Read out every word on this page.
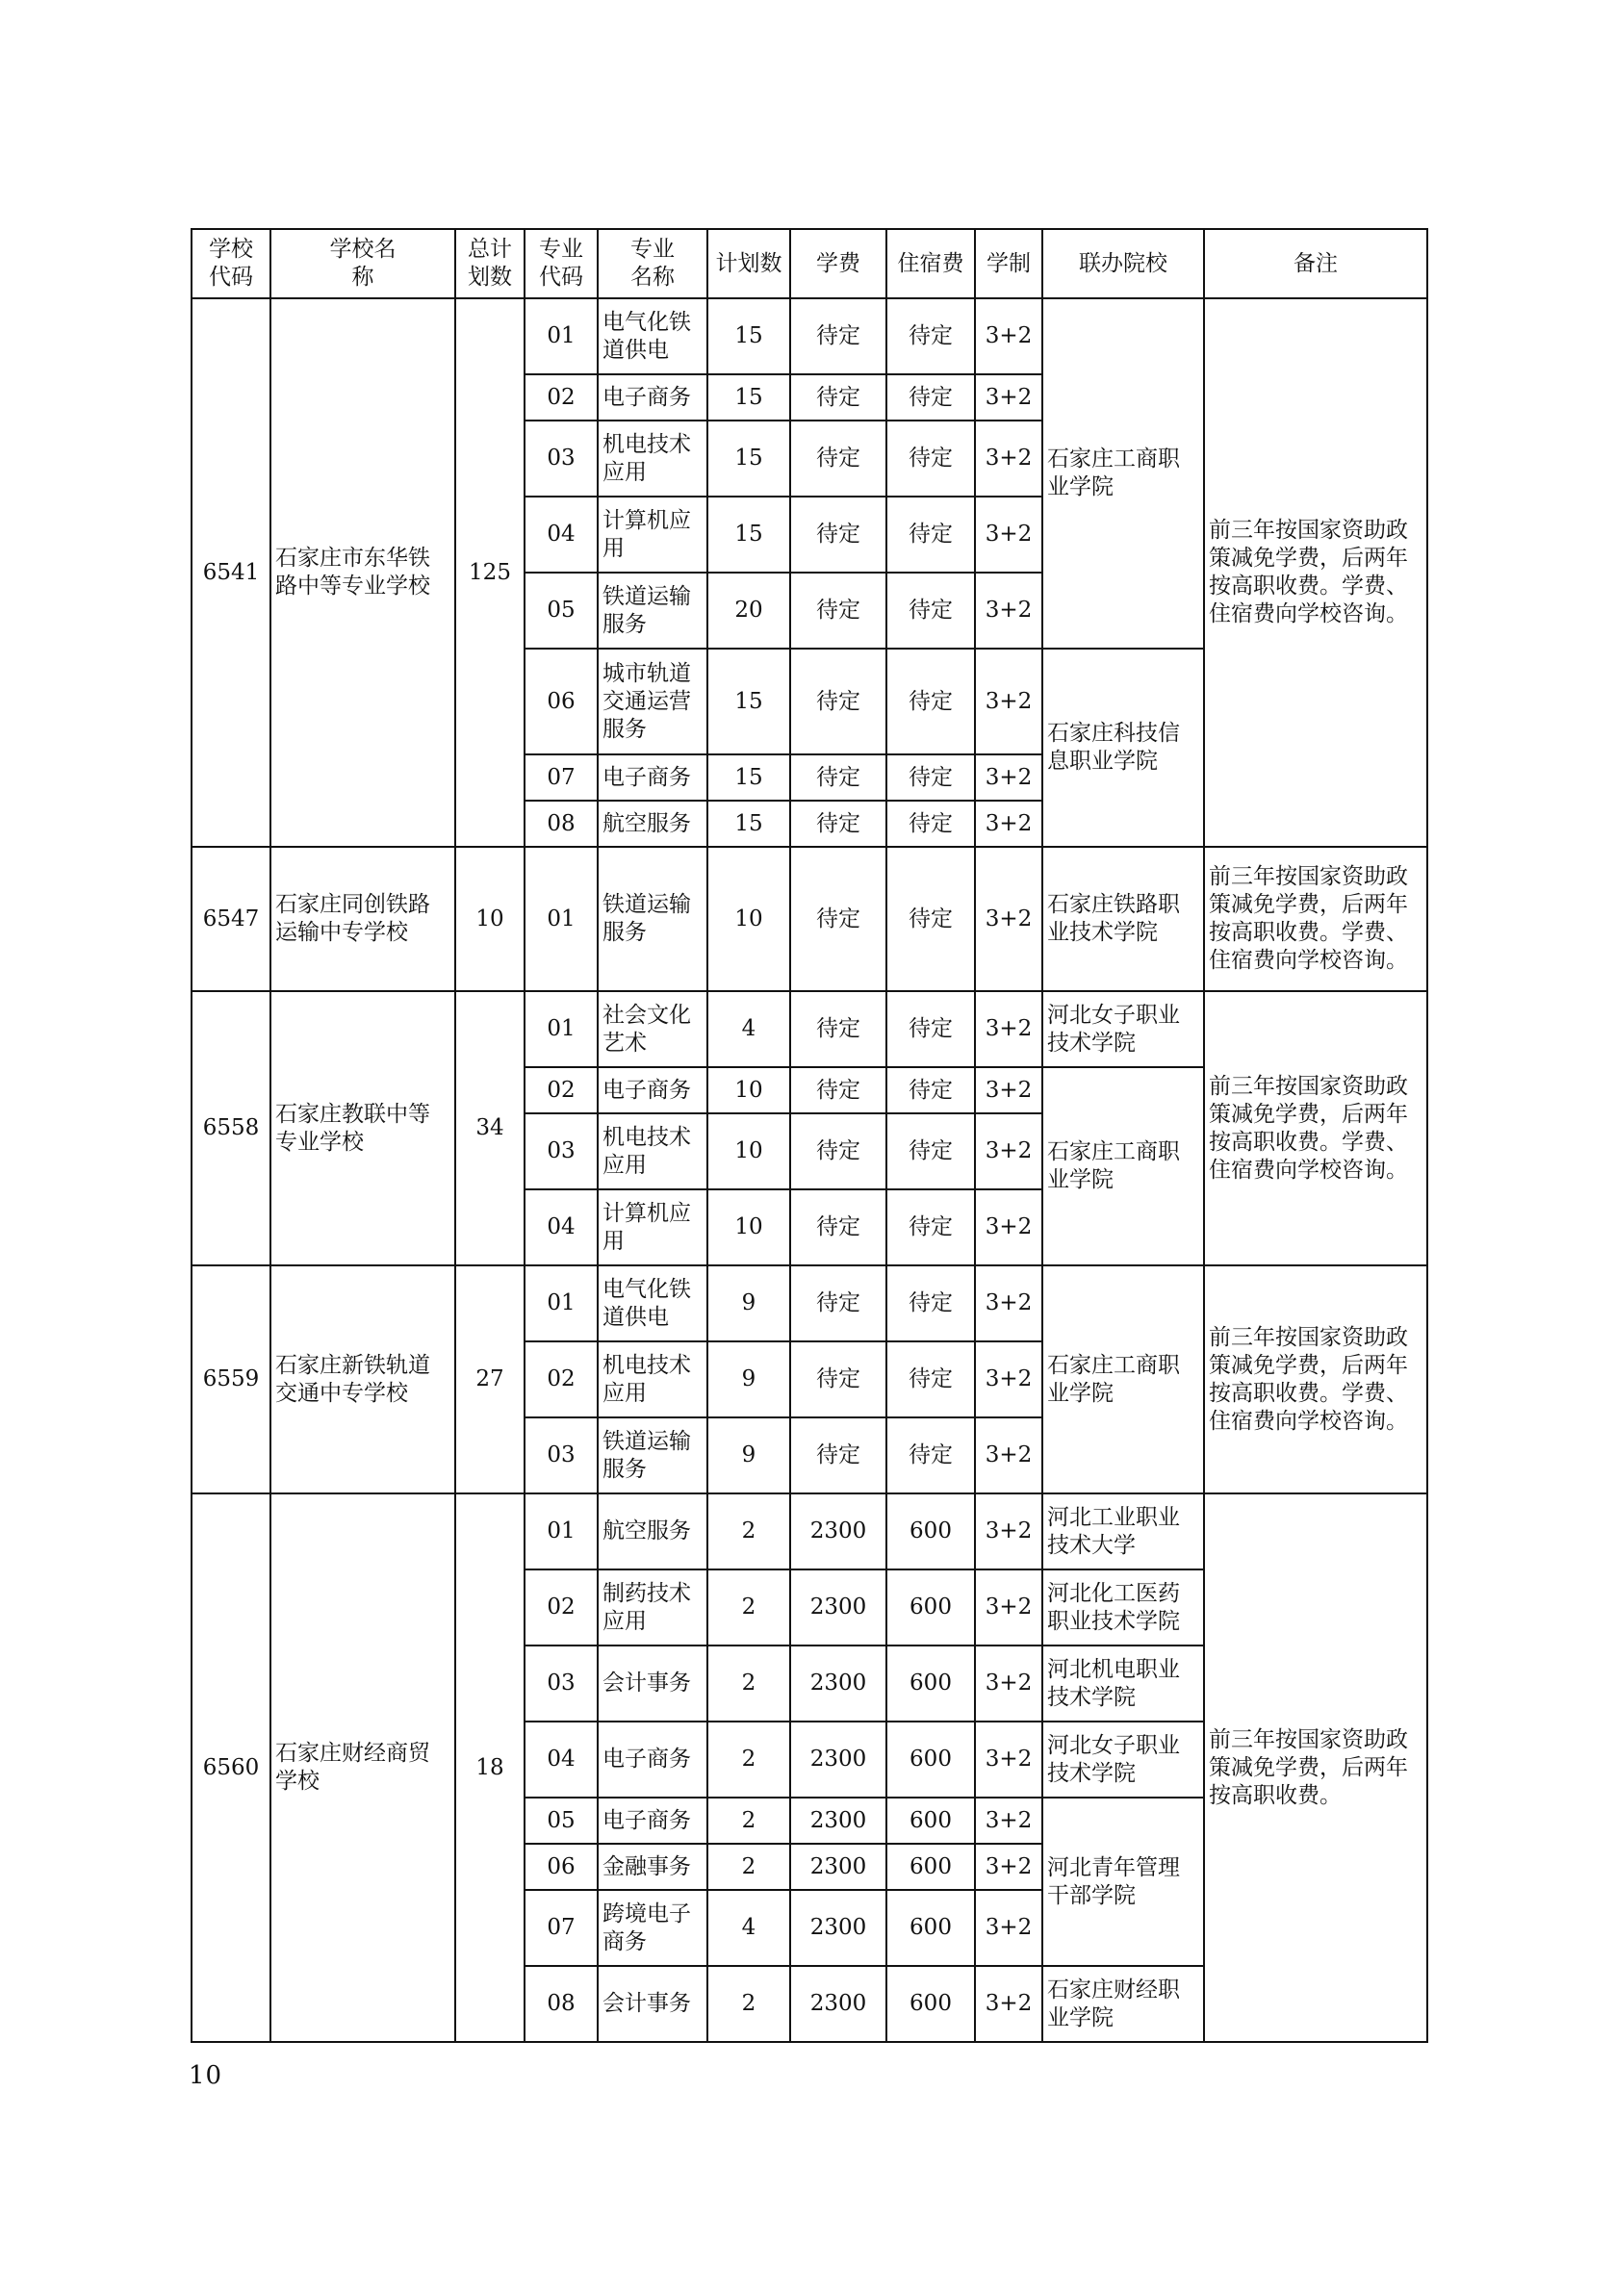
学校代码	学校名称	总计划数	专业代码	专业名称	计划数	学费	住宿费	学制	联办院校	备注
6541	石家庄市东华铁路中等专业学校	125	01	电气化铁道供电	15	待定	待定	3+2	石家庄工商职业学院	前三年按国家资助政策减免学费，后两年按高职收费。学费、住宿费向学校咨询。
			02	电子商务	15	待定	待定	3+2		
			03	机电技术应用	15	待定	待定	3+2		
			04	计算机应用	15	待定	待定	3+2		
			05	铁道运输服务	20	待定	待定	3+2		
			06	城市轨道交通运营服务	15	待定	待定	3+2	石家庄科技信息职业学院	
			07	电子商务	15	待定	待定	3+2		
			08	航空服务	15	待定	待定	3+2		
6547	石家庄同创铁路运输中专学校	10	01	铁道运输服务	10	待定	待定	3+2	石家庄铁路职业技术学院	前三年按国家资助政策减免学费，后两年按高职收费。学费、住宿费向学校咨询。
6558	石家庄教联中等专业学校	34	01	社会文化艺术	4	待定	待定	3+2	河北女子职业技术学院	前三年按国家资助政策减免学费，后两年按高职收费。学费、住宿费向学校咨询。
			02	电子商务	10	待定	待定	3+2	石家庄工商职业学院	
			03	机电技术应用	10	待定	待定	3+2		
			04	计算机应用	10	待定	待定	3+2		
6559	石家庄新铁轨道交通中专学校	27	01	电气化铁道供电	9	待定	待定	3+2	石家庄工商职业学院	前三年按国家资助政策减免学费，后两年按高职收费。学费、住宿费向学校咨询。
			02	机电技术应用	9	待定	待定	3+2		
			03	铁道运输服务	9	待定	待定	3+2		
6560	石家庄财经商贸学校	18	01	航空服务	2	2300	600	3+2	河北工业职业技术大学	前三年按国家资助政策减免学费，后两年按高职收费。
			02	制药技术应用	2	2300	600	3+2	河北化工医药职业技术学院	
			03	会计事务	2	2300	600	3+2	河北机电职业技术学院	
			04	电子商务	2	2300	600	3+2	河北女子职业技术学院	
			05	电子商务	2	2300	600	3+2	河北青年管理干部学院	
			06	金融事务	2	2300	600	3+2		
			07	跨境电子商务	4	2300	600	3+2		
			08	会计事务	2	2300	600	3+2	石家庄财经职业学院	
10
